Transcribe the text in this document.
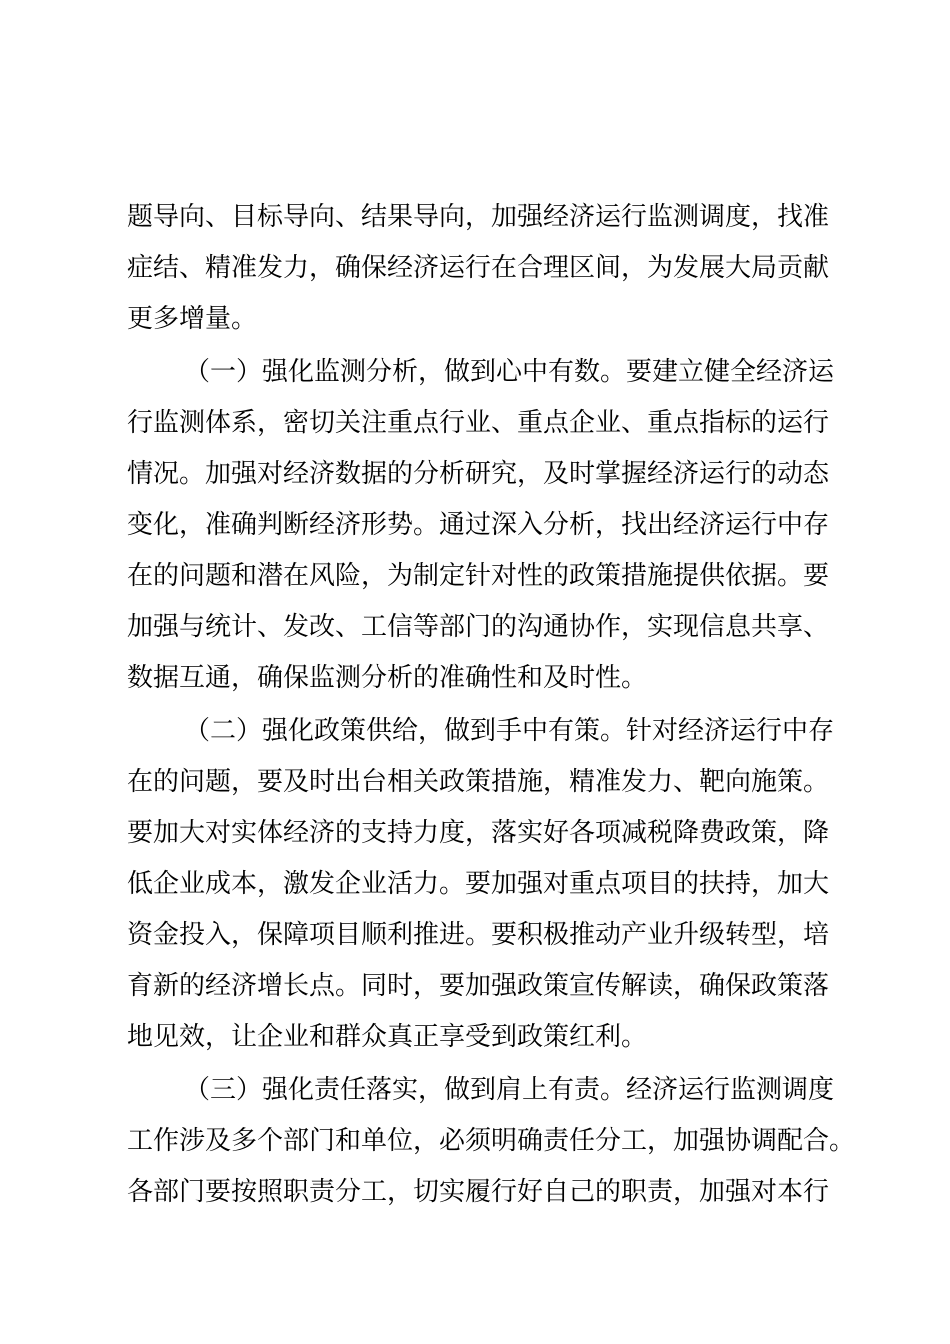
题导向、目标导向、结果导向，加强经济运行监测调度，找准
症结、精准发力，确保经济运行在合理区间，为发展大局贡献
更多增量。

（一）强化监测分析，做到心中有数。要建立健全经济运
行监测体系，密切关注重点行业、重点企业、重点指标的运行
情况。加强对经济数据的分析研究，及时掌握经济运行的动态
变化，准确判断经济形势。通过深入分析，找出经济运行中存
在的问题和潜在风险，为制定针对性的政策措施提供依据。要
加强与统计、发改、工信等部门的沟通协作，实现信息共享、
数据互通，确保监测分析的准确性和及时性。

（二）强化政策供给，做到手中有策。针对经济运行中存
在的问题，要及时出台相关政策措施，精准发力、靶向施策。
要加大对实体经济的支持力度，落实好各项减税降费政策，降
低企业成本，激发企业活力。要加强对重点项目的扶持，加大
资金投入，保障项目顺利推进。要积极推动产业升级转型，培
育新的经济增长点。同时，要加强政策宣传解读，确保政策落
地见效，让企业和群众真正享受到政策红利。

（三）强化责任落实，做到肩上有责。经济运行监测调度
工作涉及多个部门和单位，必须明确责任分工，加强协调配合。
各部门要按照职责分工，切实履行好自己的职责，加强对本行
